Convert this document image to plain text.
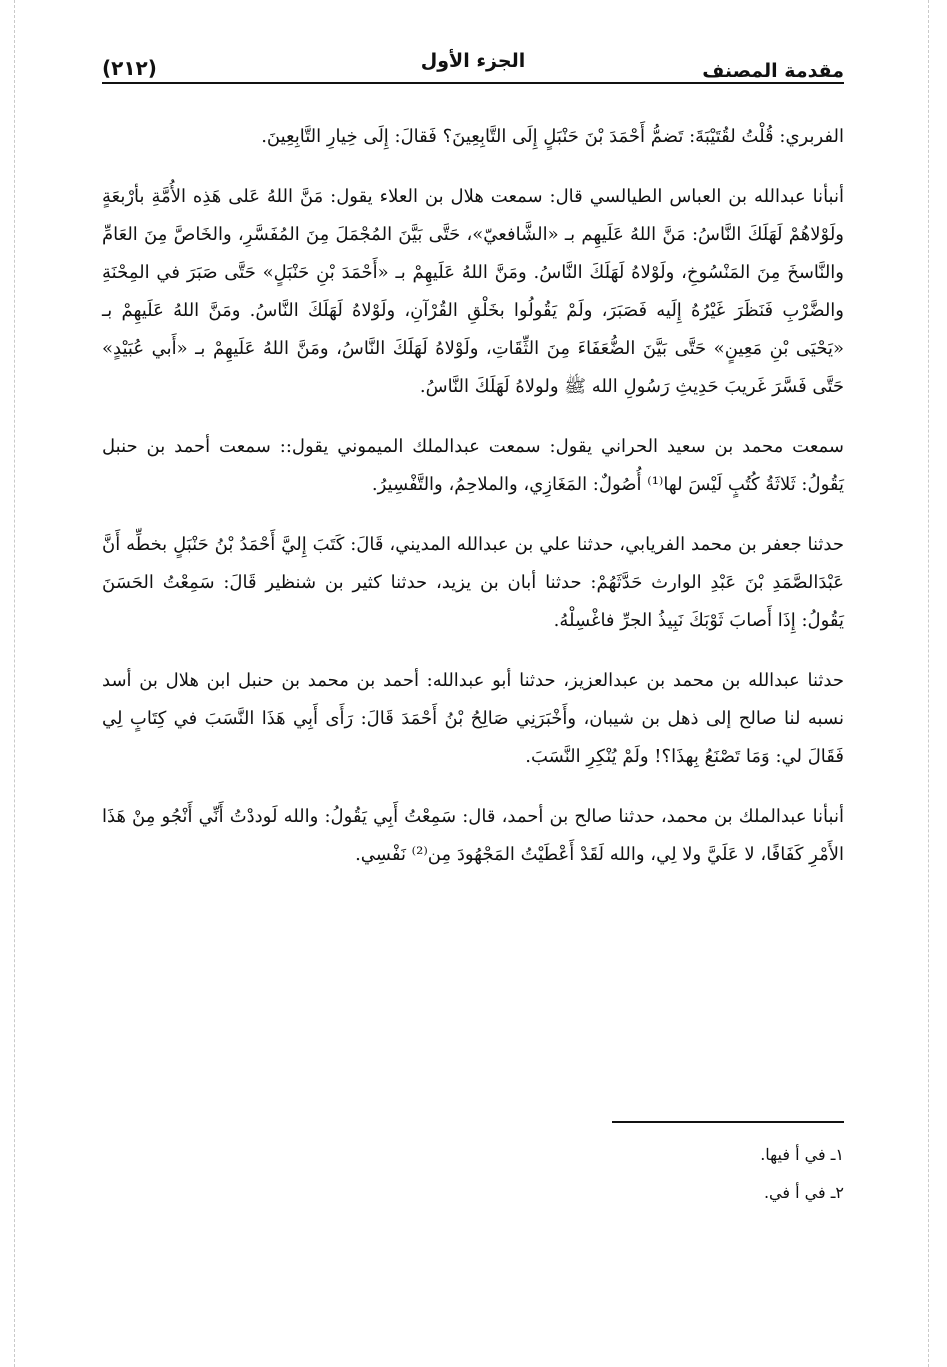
(٢١٢)	الجزء الأول	مقدمة المصنف

الفربري: قُلْتُ لقُتَيْبَةَ: تَضمُّ أَحْمَدَ بْنَ حَنْبَلٍ إِلَى التَّابِعِينَ؟ فَقالَ: إِلَى خِيارِ التَّابِعِينَ.

أنبأنا عبدالله بن العباس الطيالسي قال: سمعت هلال بن العلاء يقول: مَنَّ اللهُ عَلى هَذِه الأُمَّةِ بأرْبعَةٍ ولَوْلاهُمْ لَهَلَكَ النَّاسُ: مَنَّ اللهُ عَلَيهِم بـ «الشَّافعيّ»، حَتَّى بَيَّنَ المُجْمَلَ مِنَ المُفَسَّرِ، والخَاصَّ مِنَ العَامِّ والنَّاسخَ مِنَ المَنْسُوخِ، ولَوْلاهُ لَهَلَكَ النَّاسُ. ومَنَّ اللهُ عَلَيهِمْ بـ «أَحْمَدَ بْنِ حَنْبَلٍ» حَتَّى صَبَرَ في المِحْنَةِ والضَّرْبِ فَنَظَرَ غَيْرُهُ إِلَيه فَصَبَرَ، ولَمْ يَقُولُوا بخَلْقِ القُرْآنِ، ولَوْلاهُ لَهَلَكَ النَّاسُ. ومَنَّ اللهُ عَلَيهِمْ بـ «يَحْيَى بْنِ مَعِينٍ» حَتَّى بَيَّنَ الضُّعَفَاءَ مِنَ الثِّقَاتِ، ولَوْلاهُ لَهَلَكَ النَّاسُ، ومَنَّ اللهُ عَلَيهِمْ بـ «أَبي عُبَيْدٍ» حَتَّى فَسَّرَ غَريبَ حَدِيثِ رَسُولِ الله ﷺ ولولاهُ لَهَلَكَ النَّاسُ.

سمعت محمد بن سعيد الحراني يقول: سمعت عبدالملك الميموني يقول:: سمعت أحمد بن حنبل يَقُولُ: ثَلاثَةُ كُتُبٍ لَيْسَ لها⁽¹⁾ أُصُولٌ: المَغَازِي، والملاحِمُ، والتَّفْسِيرُ.

حدثنا جعفر بن محمد الفريابي، حدثنا علي بن عبدالله المديني، قَالَ: كَتَبَ إِليَّ أَحْمَدُ بْنُ حَنْبَلٍ بخطِّه أَنَّ عَبْدَالصَّمَدِ بْنَ عَبْدِ الوارث حَدَّثَهُمْ: حدثنا أبان بن يزيد، حدثنا كثير بن شنظير قَالَ: سَمِعْتُ الحَسَنَ يَقُولُ: إِذَا أَصابَ ثَوْبَكَ نَبِيذُ الجرِّ فاغْسِلْهُ.

حدثنا عبدالله بن محمد بن عبدالعزيز، حدثنا أبو عبدالله: أحمد بن محمد بن حنبل ابن هلال بن أسد نسبه لنا صالح إلى ذهل بن شيبان، وأَخْبَرَنِي صَالِحُ بْنُ أَحْمَدَ قَالَ: رَأَى أَبِي هَذَا النَّسَبَ في كِتَابٍ لِي فَقَالَ لي: وَمَا تَصْنَعُ بِهذَا؟! ولَمْ يُنْكِرِ النَّسَبَ.

أنبأنا عبدالملك بن محمد، حدثنا صالح بن أحمد، قال: سَمِعْتُ أَبِي يَقُولُ: والله لَوددْتُ أَنِّي أَنْجُو مِنْ هَذَا الأَمْرِ كَفَافًا، لا عَلَيَّ ولا لِي، والله لَقَدْ أَعْطَيْتُ المَجْهُودَ مِن⁽²⁾ نَفْسِي.

١ـ في أ فيها.
٢ـ في أ في.
